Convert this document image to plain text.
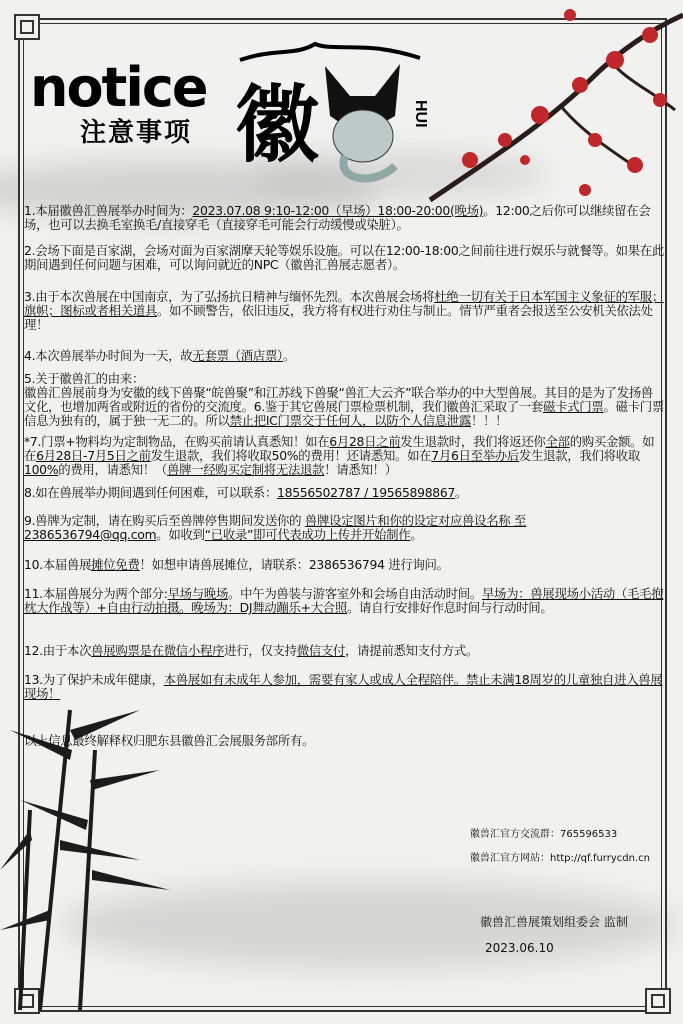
notice
注意事项 徽	HUI

1.本届徽兽汇兽展举办时间为：2023.07.08 9:10-12:00（早场）18:00-20:00(晚场)。12:00之后你可以继续留在会场，也可以去换毛室换毛/直接穿毛（直接穿毛可能会行动缓慢或染脏）。

2.会场下面是百家湖，会场对面为百家湖摩天轮等娱乐设施。可以在12:00-18:00之间前往进行娱乐与就餐等。如果在此期间遇到任何问题与困难，可以询问就近的NPC（徽兽汇兽展志愿者）。

3.由于本次兽展在中国南京，为了弘扬抗日精神与缅怀先烈。本次兽展会场将杜绝一切有关于日本军国主义象征的军服；旗帜；图标或者相关道具。如不顾警告，依旧违反，我方将有权进行劝住与制止。情节严重者会报送至公安机关依法处理！

4.本次兽展举办时间为一天，故无套票（酒店票）。

5.关于徽兽汇的由来：
徽兽汇兽展前身为安徽的线下兽聚“皖兽聚”和江苏线下兽聚“兽汇大云齐”联合举办的中大型兽展。其目的是为了发扬兽文化，也增加两省或附近的省份的交流度。6.鉴于其它兽展门票检票机制，我们徽兽汇采取了一套磁卡式门票。磁卡门票信息为独有的，属于独一无二的。所以禁止把IC门票交于任何人，以防个人信息泄露！！！

*7.门票+物料均为定制物品，在购买前请认真悉知！如在6月28日之前发生退款时，我们将返还你全部的购买金额。如在6月28日-7月5日之前发生退款，我们将收取50%的费用！还请悉知。如在7月6日至举办后发生退款，我们将收取100%的费用，请悉知！（兽牌一经购买定制将无法退款！请悉知！）

8.如在兽展举办期间遇到任何困难，可以联系：18556502787 / 19565898867。

9.兽牌为定制，请在购买后至兽牌停售期间发送你的 兽牌设定图片和你的设定对应兽设名称 至 2386536794@qq.com。如收到“已收录”即可代表成功上传并开始制作。

10.本届兽展摊位免费！如想申请兽展摊位，请联系：2386536794 进行询问。

11.本届兽展分为两个部分:早场与晚场。中午为兽装与游客室外和会场自由活动时间。早场为：兽展现场小活动（毛毛抱枕大作战等）+自由行动拍摄。晚场为：DJ舞动蹦乐+大合照。请自行安排好作息时间与行动时间。

12.由于本次兽展购票是在微信小程序进行，仅支持微信支付，请提前悉知支付方式。

13.为了保护未成年健康，本兽展如有未成年人参加，需要有家人或成人全程陪伴。禁止未满18周岁的儿童独自进入兽展现场！

以上信息最终解释权归肥东县徽兽汇会展服务部所有。

徽兽汇官方交流群：765596533
徽兽汇官方网站：http://qf.furrycdn.cn
徽兽汇兽展策划组委会 监制
2023.06.10
